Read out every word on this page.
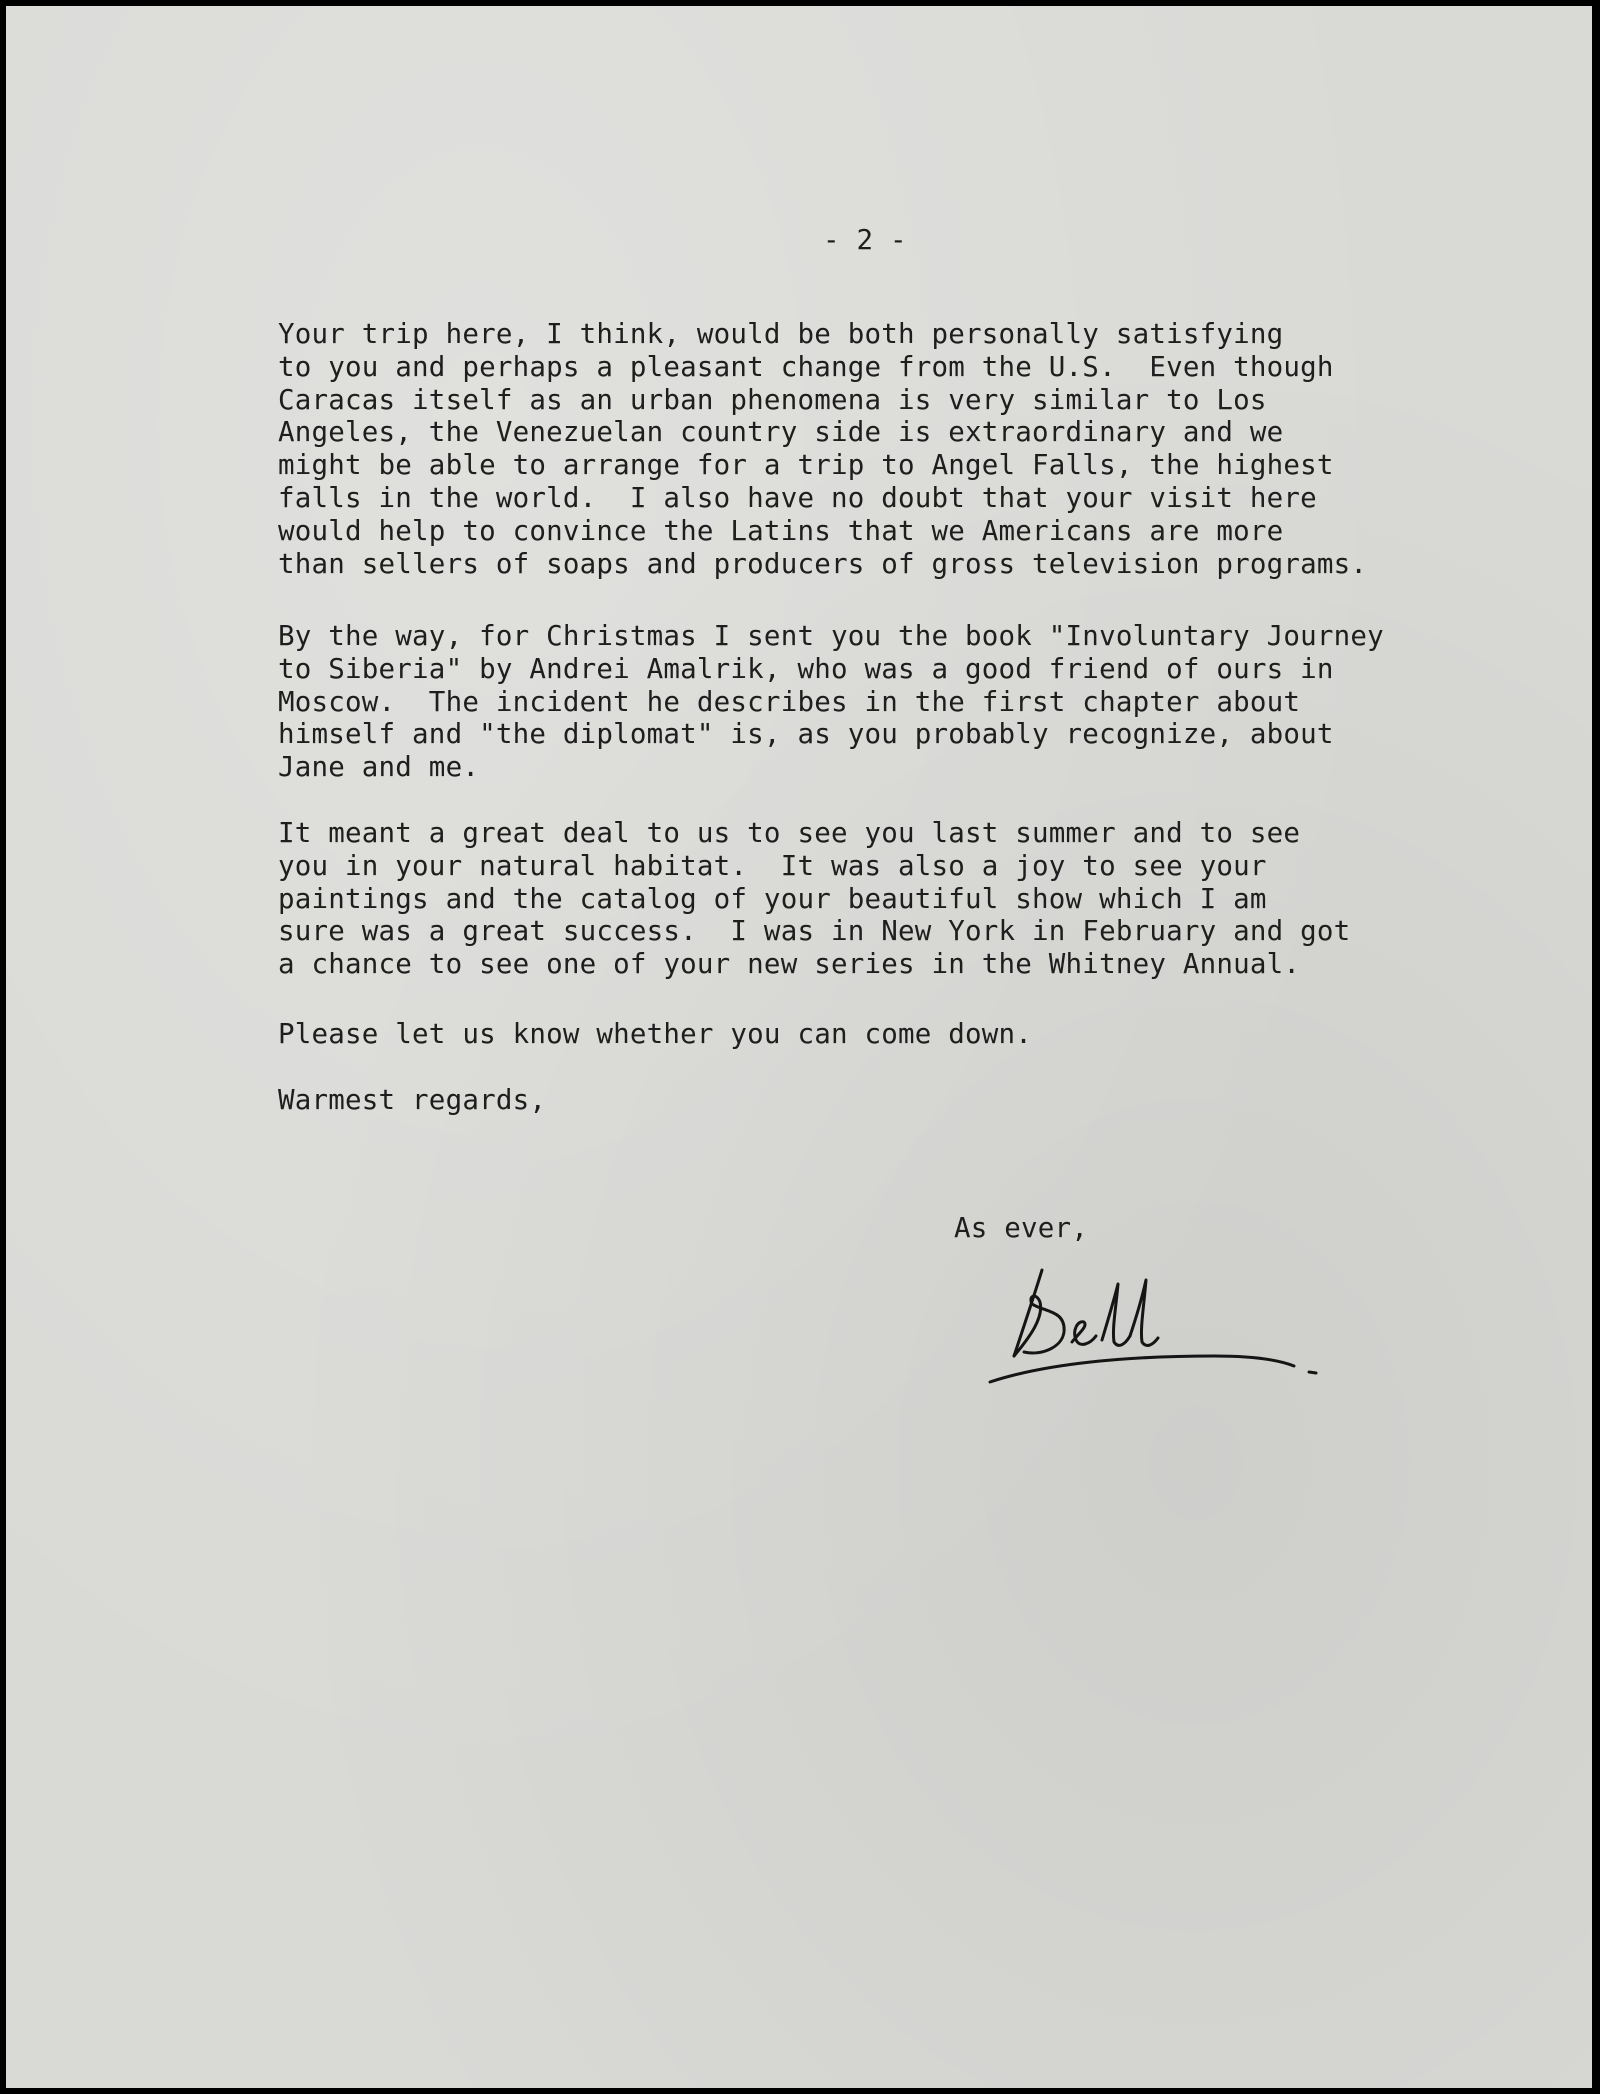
- 2 -
Your trip here, I think, would be both personally satisfying
to you and perhaps a pleasant change from the U.S.  Even though
Caracas itself as an urban phenomena is very similar to Los
Angeles, the Venezuelan country side is extraordinary and we
might be able to arrange for a trip to Angel Falls, the highest
falls in the world.  I also have no doubt that your visit here
would help to convince the Latins that we Americans are more
than sellers of soaps and producers of gross television programs.
By the way, for Christmas I sent you the book "Involuntary Journey
to Siberia" by Andrei Amalrik, who was a good friend of ours in
Moscow.  The incident he describes in the first chapter about
himself and "the diplomat" is, as you probably recognize, about
Jane and me.
It meant a great deal to us to see you last summer and to see
you in your natural habitat.  It was also a joy to see your
paintings and the catalog of your beautiful show which I am
sure was a great success.  I was in New York in February and got
a chance to see one of your new series in the Whitney Annual.
Please let us know whether you can come down.
Warmest regards,
As ever,
